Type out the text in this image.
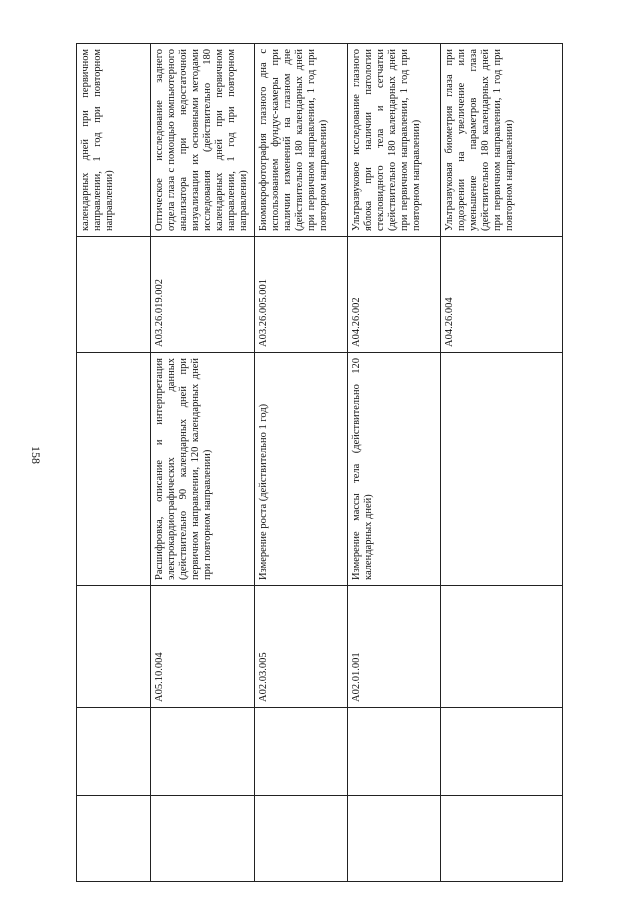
158
					календарных дней при первичном направлении, 1 год при повторном направлении)
		A05.10.004	Расшифровка, описание и интерпретация электрокардиографических данных (действительно 90 календарных дней при первичном направлении, 120 календарных дней при повторном направлении)	A03.26.019.002	Оптическое исследование заднего отдела глаза с помощью компьютерного анализатора при недостаточной визуализации их основными методами исследования (действительно 180 календарных дней при первичном направлении, 1 год при повторном направлении)
		A02.03.005	Измерение роста (действительно 1 год)	A03.26.005.001	Биомикрофотография глазного дна с использованием фундус-камеры при наличии изменений на глазном дне (действительно 180 календарных дней при первичном направлении, 1 год при повторном направлении)
		A02.01.001	Измерение массы тела (действительно 120 календарных дней)	A04.26.002	Ультразвуковое исследование глазного яблока при наличии патологии стекловидного тела и сетчатки (действительно 180 календарных дней при первичном направлении, 1 год при повторном направлении)
				A04.26.004	Ультразвуковая биометрия глаза при подозрении на увеличение или уменьшение параметров глаза (действительно 180 календарных дней при первичном направлении, 1 год при повторном направлении)
